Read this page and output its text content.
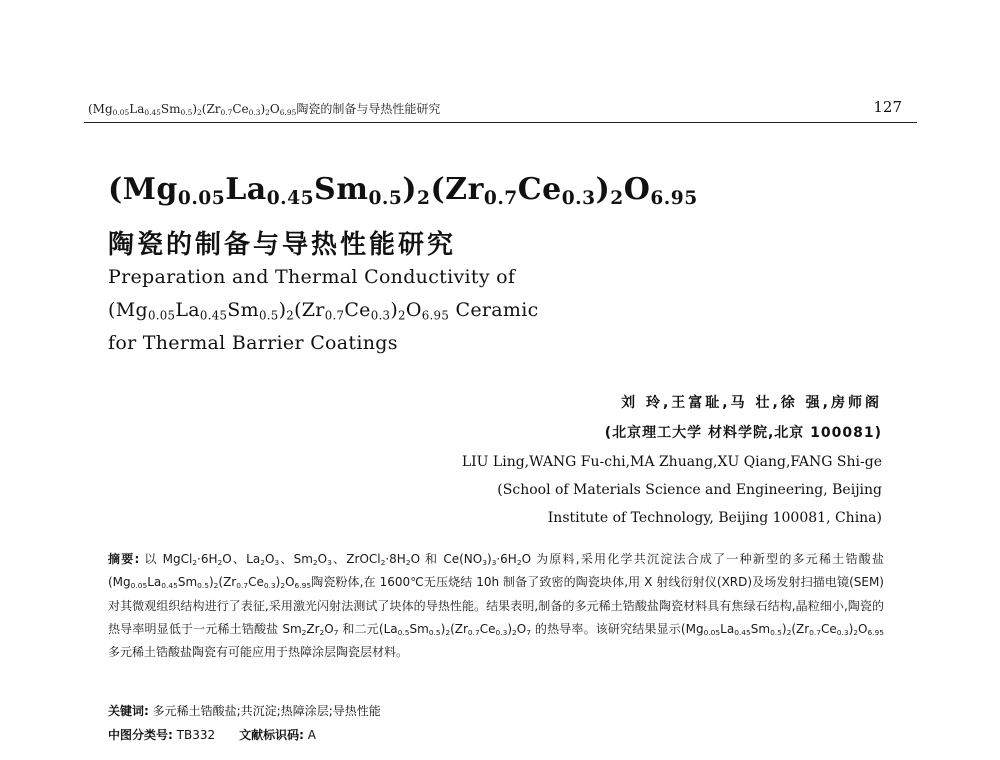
$(Mg_{0.05}La_{0.45}Sm_{0.5})_2(Zr_{0.7}Ce_{0.3})_2O_{6.95}$陶瓷的制备与导热性能研究	127
$(Mg_{0.05}La_{0.45}Sm_{0.5})_2(Zr_{0.7}Ce_{0.3})_2O_{6.95}$
陶瓷的制备与导热性能研究
Preparation and Thermal Conductivity of
$(Mg_{0.05}La_{0.45}Sm_{0.5})_2(Zr_{0.7}Ce_{0.3})_2O_{6.95}$ Ceramic
for Thermal Barrier Coatings
刘 玲,王富耻,马 壮,徐 强,房师阁
(北京理工大学 材料学院,北京 100081)
LIU Ling,WANG Fu-chi,MA Zhuang,XU Qiang,FANG Shi-ge
(School of Materials Science and Engineering, Beijing
Institute of Technology, Beijing 100081, China)
摘要: 以 $MgCl_2\cdot 6H_2O$、$La_2O_3$、$Sm_2O_3$、$ZrOCl_2\cdot 8H_2O$ 和 $Ce(NO_3)_3\cdot 6H_2O$ 为原料,采用化学共沉淀法合成了一种新型的多元稀土锆酸盐$(Mg_{0.05}La_{0.45}Sm_{0.5})_2(Zr_{0.7}Ce_{0.3})_2O_{6.95}$陶瓷粉体,在 1600℃无压烧结 10h 制备了致密的陶瓷块体,用 X 射线衍射仪(XRD)及场发射扫描电镜(SEM)对其微观组织结构进行了表征,采用激光闪射法测试了块体的导热性能。结果表明,制备的多元稀土锆酸盐陶瓷材料具有焦绿石结构,晶粒细小,陶瓷的热导率明显低于一元稀土锆酸盐 $Sm_2Zr_2O_7$ 和二元$(La_{0.5}Sm_{0.5})_2(Zr_{0.7}Ce_{0.3})_2O_7$ 的热导率。该研究结果显示$(Mg_{0.05}La_{0.45}Sm_{0.5})_2(Zr_{0.7}Ce_{0.3})_2O_{6.95}$多元稀土锆酸盐陶瓷有可能应用于热障涂层陶瓷层材料。
关键词: 多元稀土锆酸盐;共沉淀;热障涂层;导热性能
中图分类号: TB332 文献标识码: A
